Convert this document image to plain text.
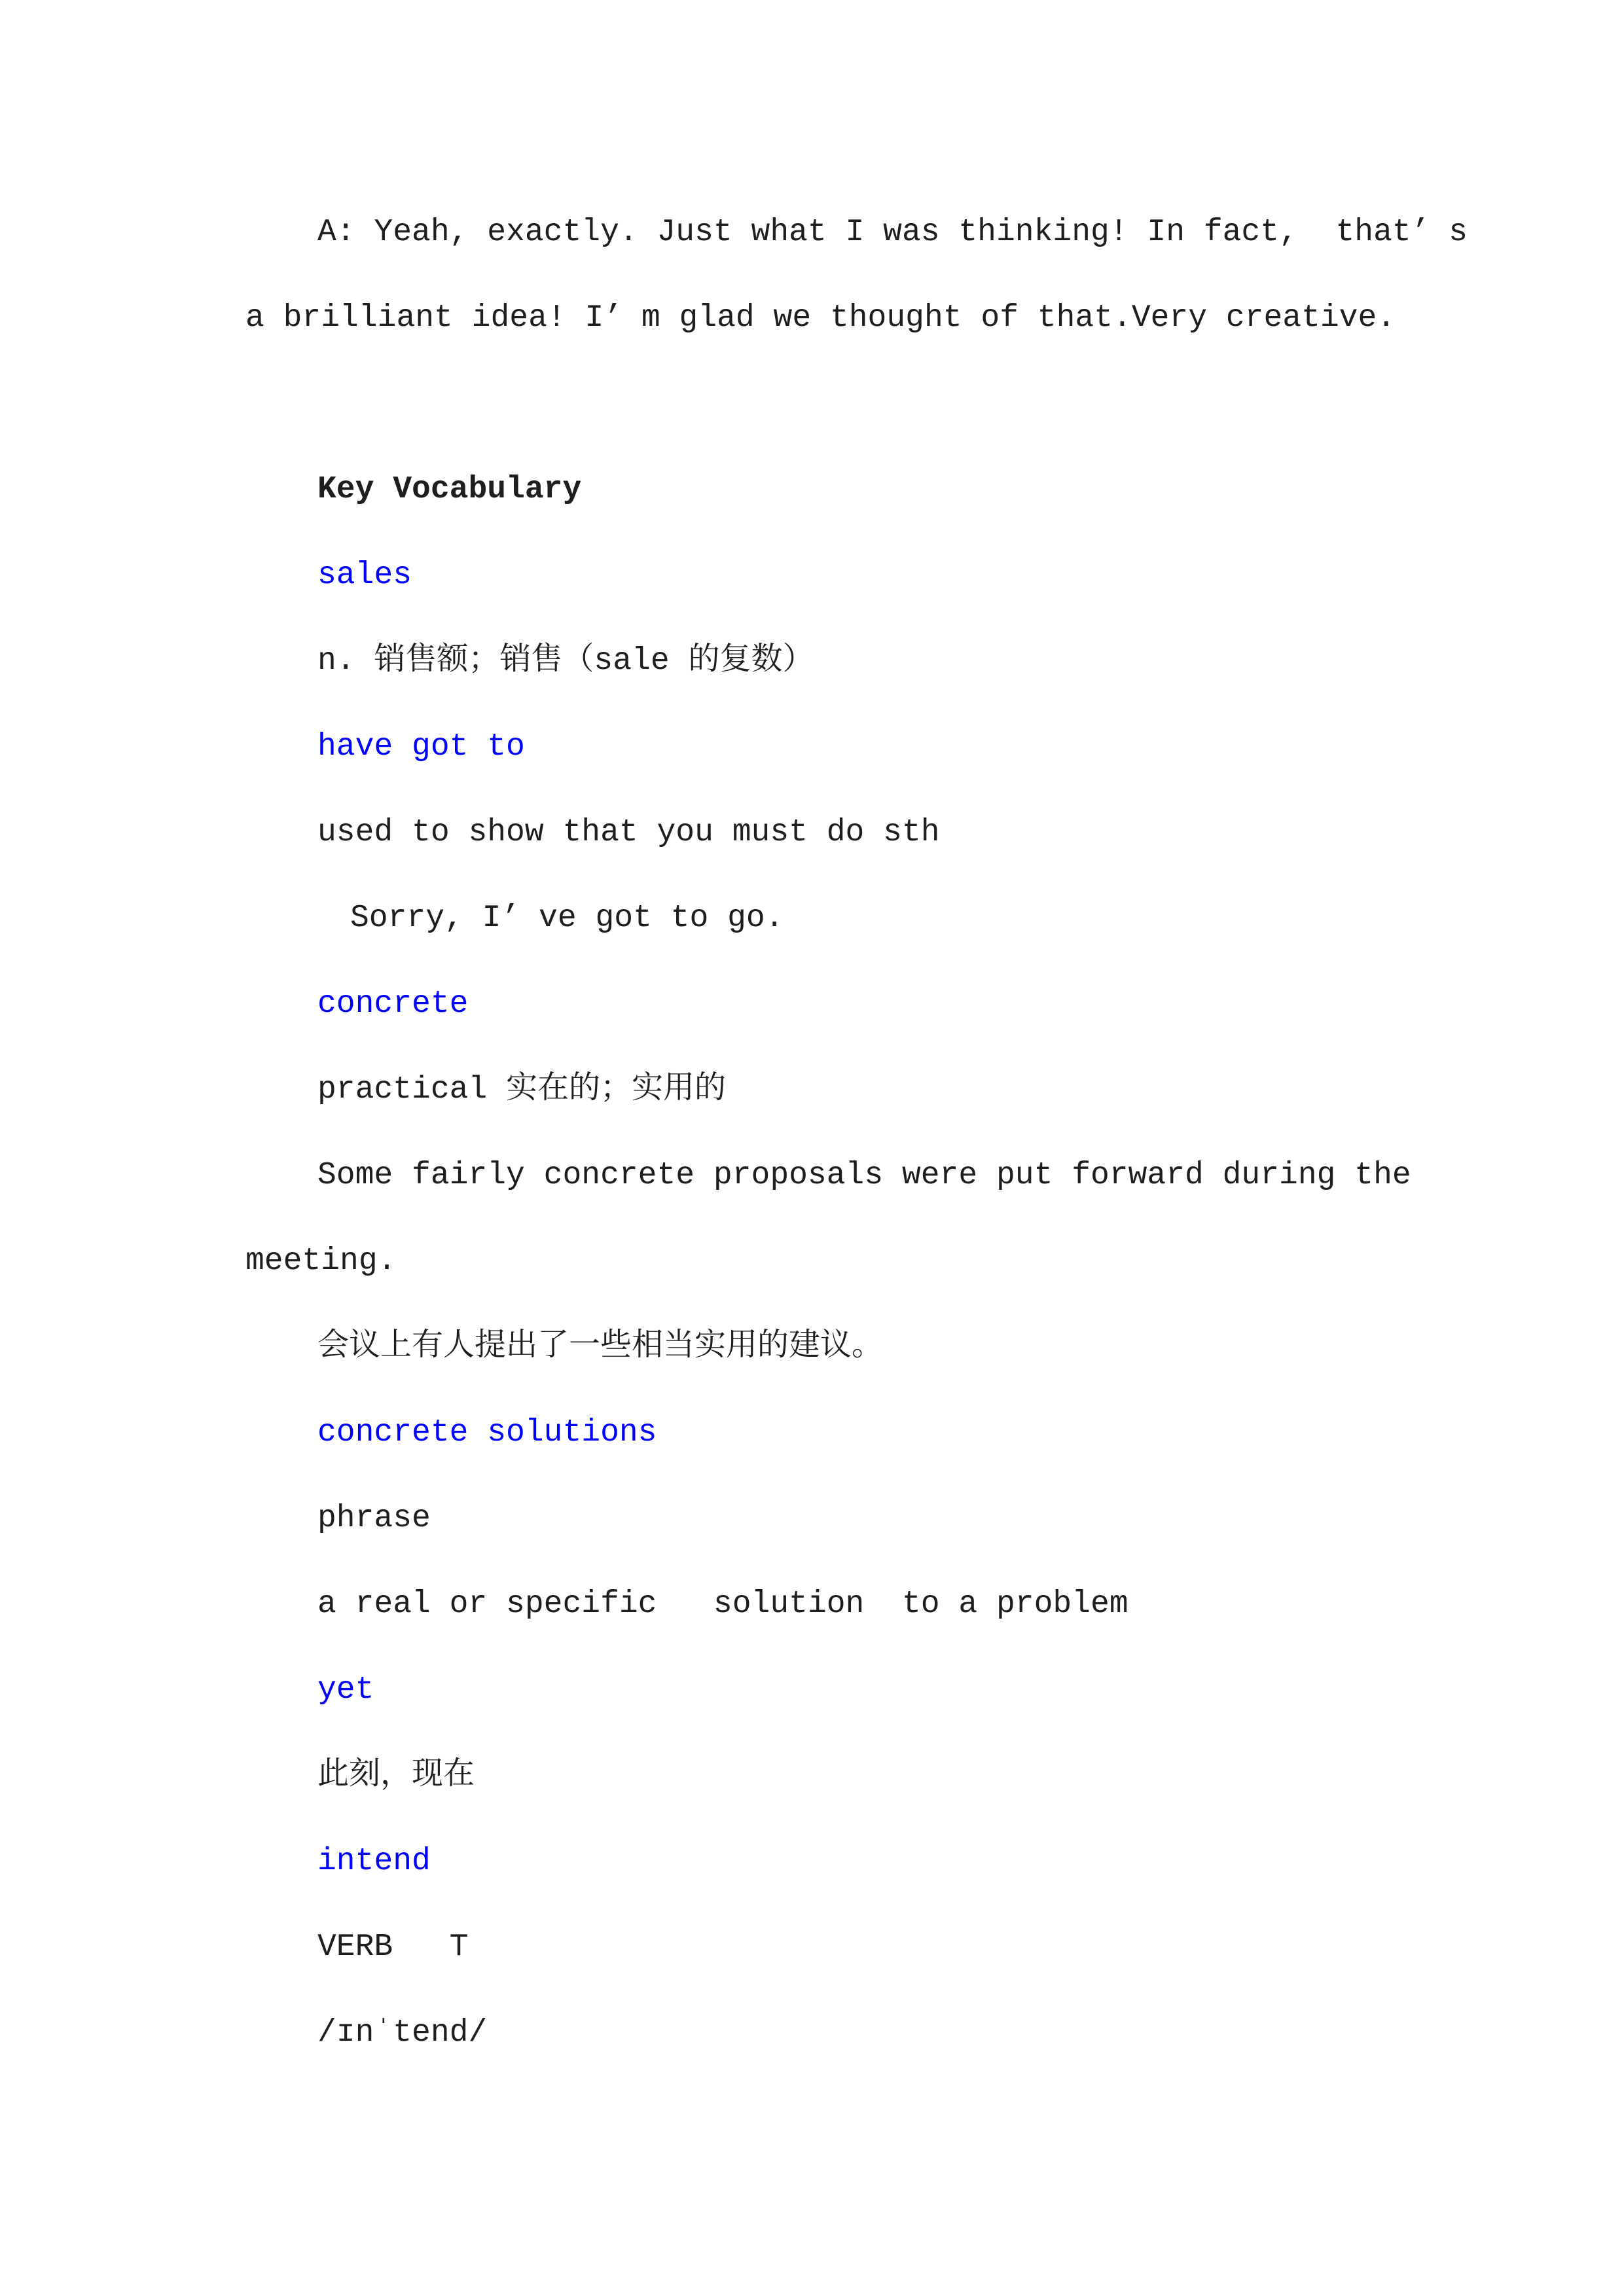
A: Yeah, exactly. Just what I was thinking! In fact,  that’ s
a brilliant idea! I’ m glad we thought of that.Very creative.
Key Vocabulary
sales
n. 销售额；销售（sale 的复数）
have got to
used to show that you must do sth
Sorry, I’ ve got to go.
concrete
practical 实在的；实用的
Some fairly concrete proposals were put forward during the
meeting.
会议上有人提出了一些相当实用的建议。
concrete solutions
phrase
a real or specific   solution  to a problem
yet
此刻，现在
intend
VERB   T
/ɪnˈtend/
